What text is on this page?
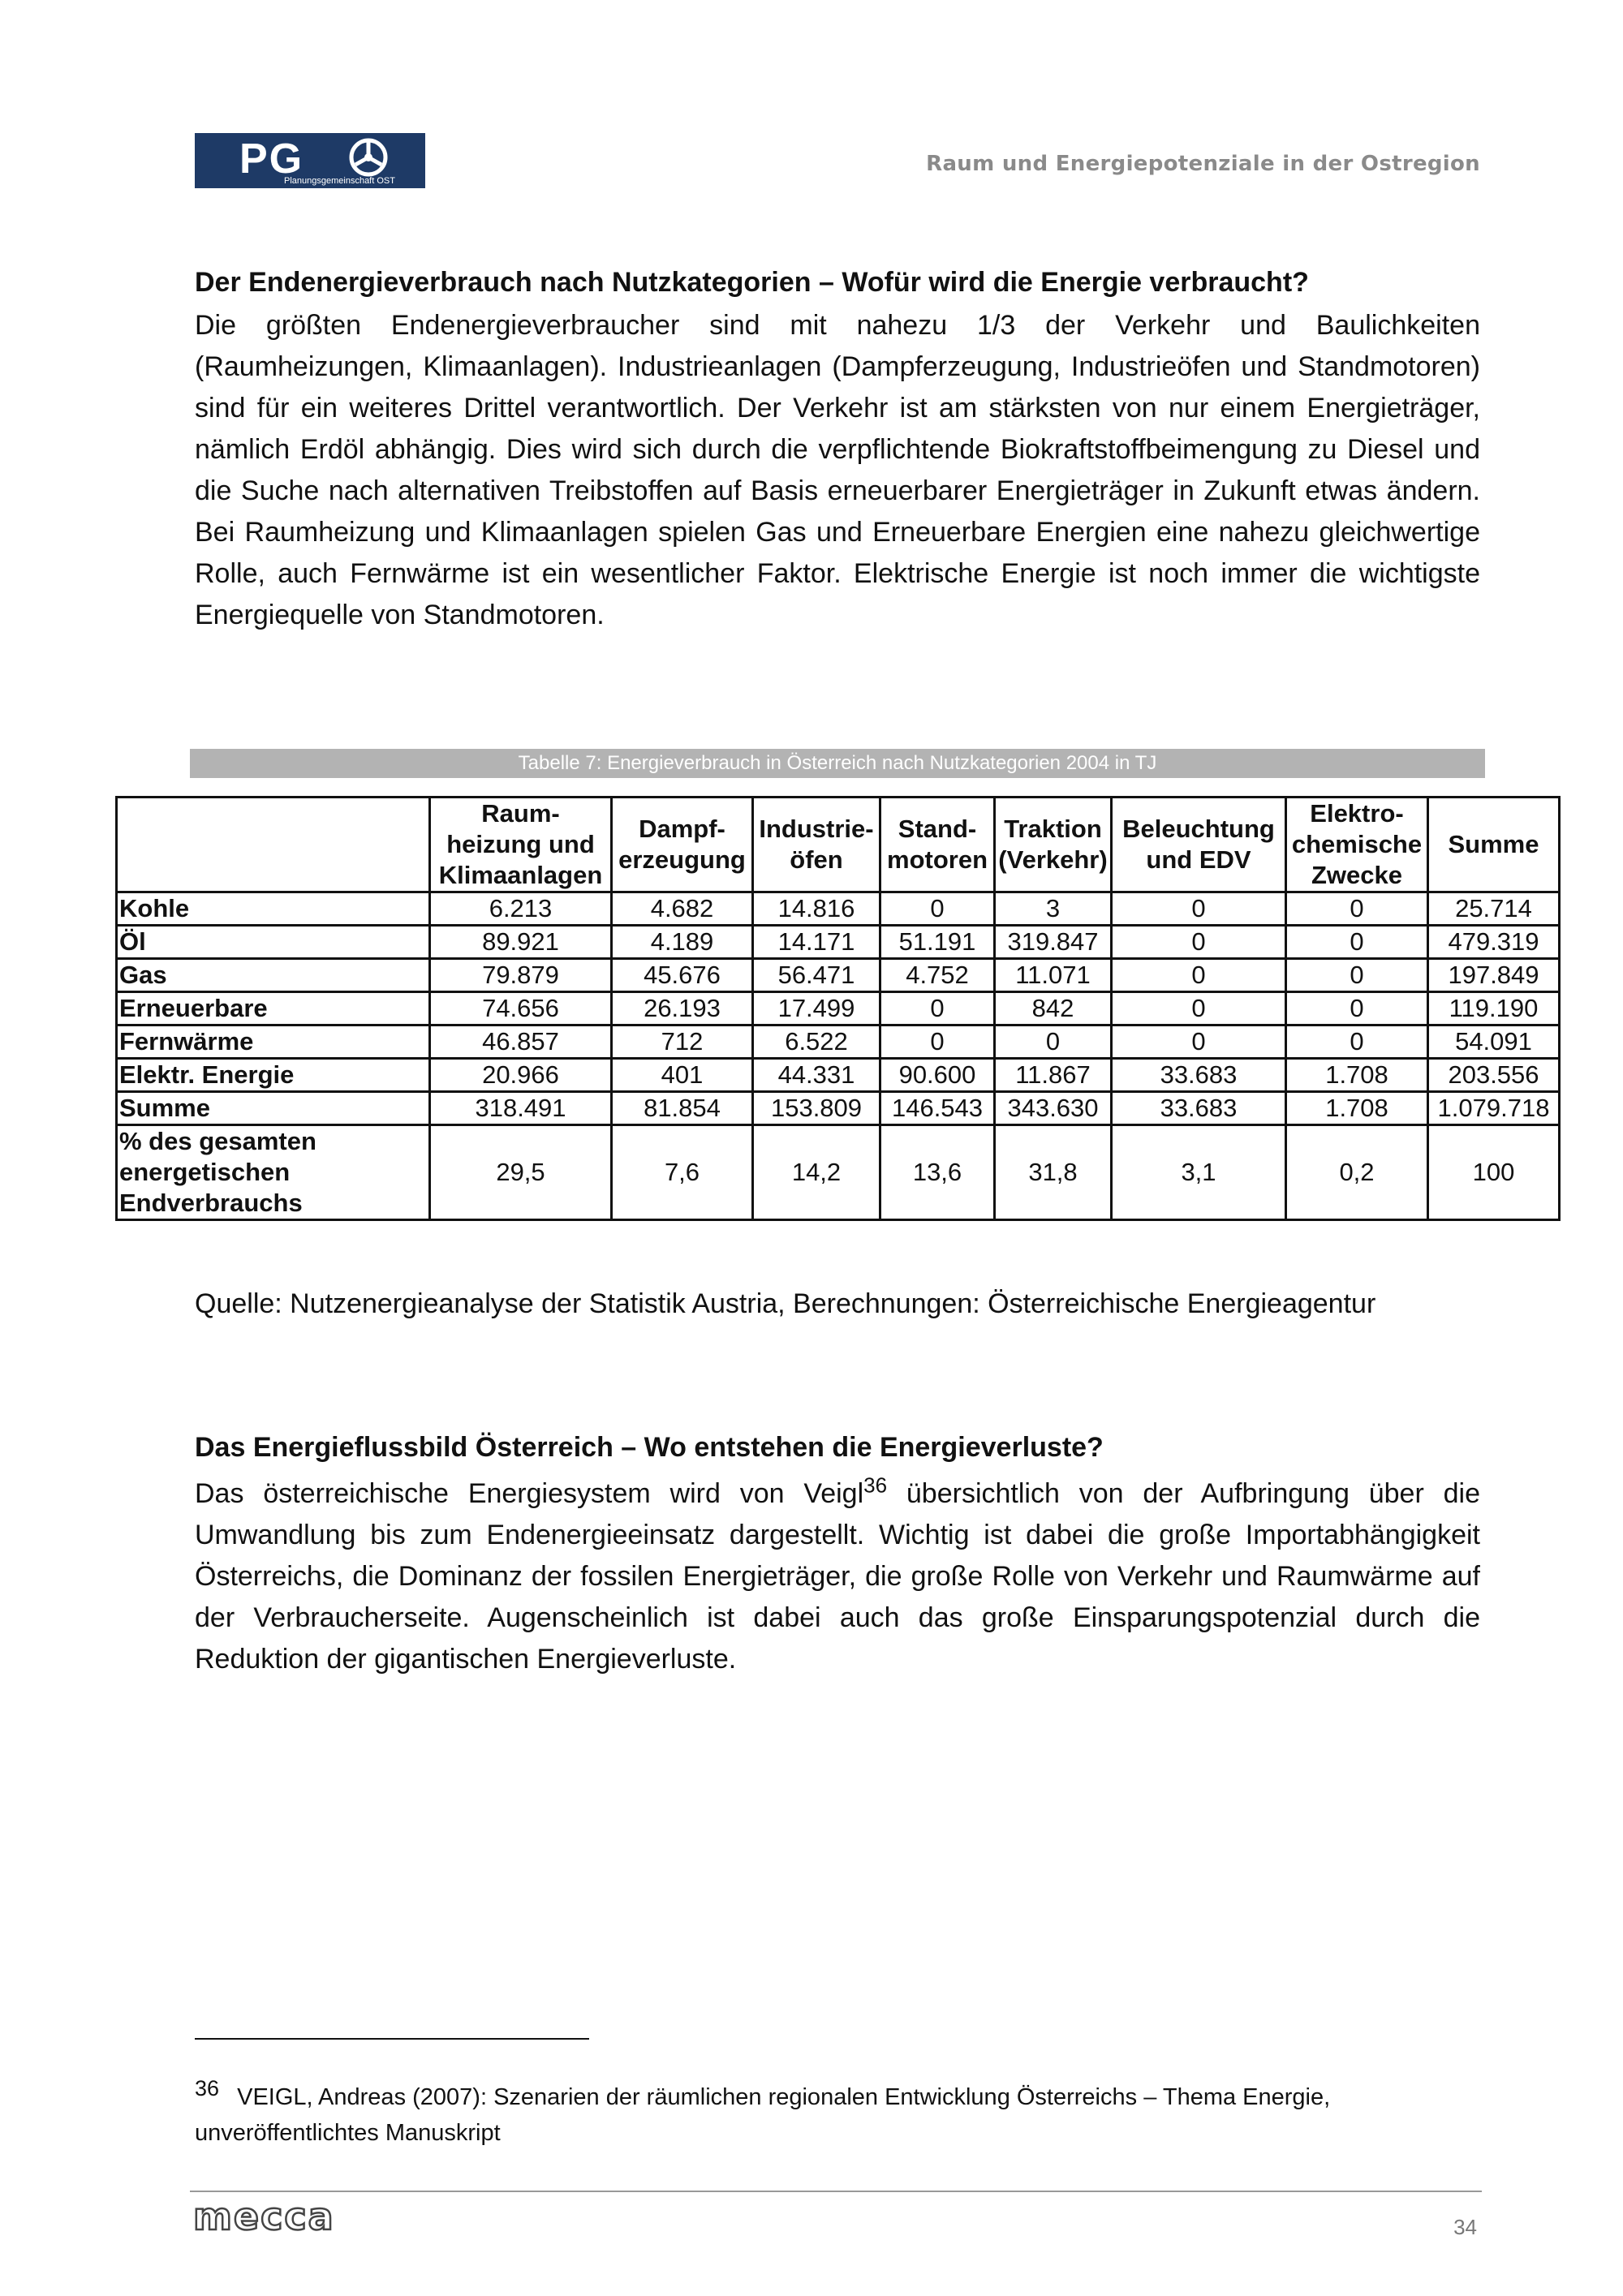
PG
Planungsgemeinschaft OST
Raum und Energiepotenziale in der Ostregion
Der Endenergieverbrauch nach Nutzkategorien – Wofür wird die Energie verbraucht?

Die größten Endenergieverbraucher sind mit nahezu 1/3 der Verkehr und Baulichkeiten (Raumheizungen, Klimaanlagen). Industrieanlagen (Dampferzeugung, Industrieöfen und Standmotoren) sind für ein weiteres Drittel verantwortlich. Der Verkehr ist am stärksten von nur einem Energieträger, nämlich Erdöl abhängig. Dies wird sich durch die verpflichtende Biokraftstoffbeimengung zu Diesel und die Suche nach alternativen Treibstoffen auf Basis erneuerbarer Energieträger in Zukunft etwas ändern. Bei Raumheizung und Klimaanlagen spielen Gas und Erneuerbare Energien eine nahezu gleichwertige Rolle, auch Fernwärme ist ein wesentlicher Faktor. Elektrische Energie ist noch immer die wichtigste Energiequelle von Standmotoren.

Tabelle 7: Energieverbrauch in Österreich nach Nutzkategorien 2004 in TJ
	Raum-
heizung und
Klimaanlagen	Dampf-
erzeugung	Industrie-
öfen	Stand-
motoren	Traktion
(Verkehr)	Beleuchtung
und EDV	Elektro-
chemische
Zwecke	Summe
Kohle	6.213	4.682	14.816	0	3	0	0	25.714
Öl	89.921	4.189	14.171	51.191	319.847	0	0	479.319
Gas	79.879	45.676	56.471	4.752	11.071	0	0	197.849
Erneuerbare	74.656	26.193	17.499	0	842	0	0	119.190
Fernwärme	46.857	712	6.522	0	0	0	0	54.091
Elektr. Energie	20.966	401	44.331	90.600	11.867	33.683	1.708	203.556
Summe	318.491	81.854	153.809	146.543	343.630	33.683	1.708	1.079.718
% des gesamten
energetischen
Endverbrauchs	29,5	7,6	14,2	13,6	31,8	3,1	0,2	100

Quelle: Nutzenergieanalyse der Statistik Austria, Berechnungen: Österreichische Energieagentur

Das Energieflussbild Österreich – Wo entstehen die Energieverluste?

Das österreichische Energiesystem wird von Veigl$^{36}$ übersichtlich von der Aufbringung über die Umwandlung bis zum Endenergieeinsatz dargestellt. Wichtig ist dabei die große Importabhängigkeit Österreichs, die Dominanz der fossilen Energieträger, die große Rolle von Verkehr und Raumwärme auf der Verbraucherseite. Augenscheinlich ist dabei auch das große Einsparungspotenzial durch die Reduktion der gigantischen Energieverluste.

$^{36}$ VEIGL, Andreas (2007): Szenarien der räumlichen regionalen Entwicklung Österreichs – Thema Energie, unveröffentlichtes Manuskript
mecca	34
